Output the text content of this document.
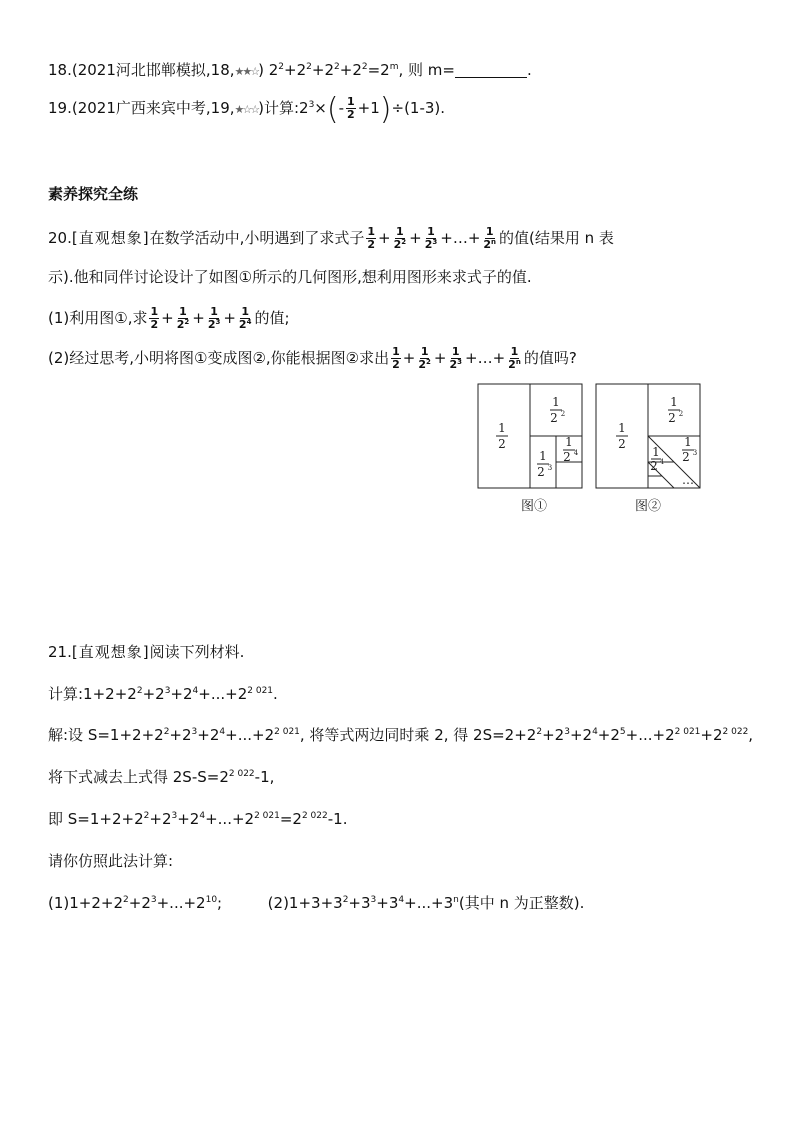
18.(2021河北邯郸模拟,18,★★☆) $2^2+2^2+2^2+2^2=2^m$, 则 m=	.
19.(2021广西来宾中考,19,★☆☆)计算$:2^3\times(- \frac{1}{2} +1)\div(1-3)$.
素养探究全练
20.[直观想象]在数学活动中,小明遇到了求式子 $\frac{1}{2} + \frac{1}{2^2} + \frac{1}{2^3}$ +…+ $\frac{1}{2^n}$ 的值(结果用 n 表
示).他和同伴讨论设计了如图①所示的几何图形,想利用图形来求式子的值.
(1)利用图①,求 $\frac{1}{2} + \frac{1}{2^2} + \frac{1}{2^3} + \frac{1}{2^4}$ 的值;
(2)经过思考,小明将图①变成图②,你能根据图②求出 $\frac{1}{2} + \frac{1}{2^2} + \frac{1}{2^3}$ +…+ $\frac{1}{2^n}$ 的值吗?
1
2
1
2 2
1
2 3
1
2 4
图①
1
2
1
2 2
1
2 3
1
2 4
…
图②
21.[直观想象]阅读下列材料.
计算$:1+2+2^2+2^3+2^4+...+2^{2 021}$.
解:设 $S=1+2+2^2+2^3+2^4+...+2^{2 021}$, 将等式两边同时乘 2, 得 $2S=2+2^2+2^3+2^4+2^5+...+2^{2 021}+2^{2 022}$,
将下式减去上式得 $2S-S=2^{2 022}-1$,
即 $S=1+2+2^2+2^3+2^4+...+2^{2 021}=2^{2 022}-1$.
请你仿照此法计算:
$(1)1+2+2^2+2^3+...+2^{10}$;	$(2)1+3+3^2+3^3+3^4+...+3^n$(其中 n 为正整数).
